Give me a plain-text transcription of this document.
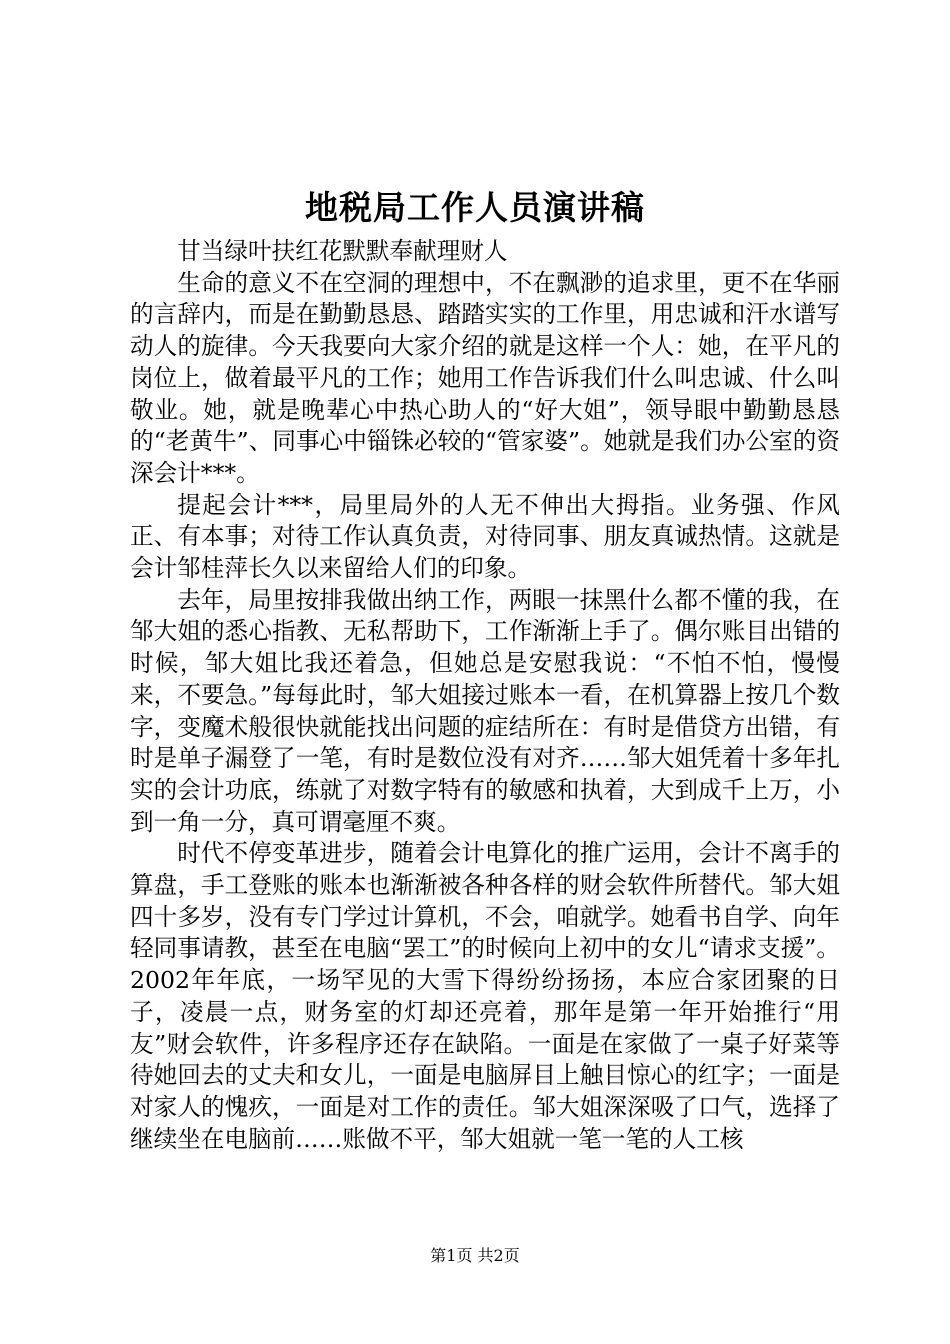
地税局工作人员演讲稿

甘当绿叶扶红花默默奉献理财人

生命的意义不在空洞的理想中，不在飘渺的追求里，更不在华丽的言辞内，而是在勤勤恳恳、踏踏实实的工作里，用忠诚和汗水谱写动人的旋律。今天我要向大家介绍的就是这样一个人：她，在平凡的岗位上，做着最平凡的工作；她用工作告诉我们什么叫忠诚、什么叫敬业。她，就是晚辈心中热心助人的“好大姐”，领导眼中勤勤恳恳的“老黄牛”、同事心中锱铢必较的“管家婆”。她就是我们办公室的资深会计***。

提起会计***，局里局外的人无不伸出大拇指。业务强、作风正、有本事；对待工作认真负责，对待同事、朋友真诚热情。这就是会计邹桂萍长久以来留给人们的印象。

去年，局里按排我做出纳工作，两眼一抹黑什么都不懂的我，在邹大姐的悉心指教、无私帮助下，工作渐渐上手了。偶尔账目出错的时候，邹大姐比我还着急，但她总是安慰我说：“不怕不怕，慢慢来，不要急。”每每此时，邹大姐接过账本一看，在机算器上按几个数字，变魔术般很快就能找出问题的症结所在：有时是借贷方出错，有时是单子漏登了一笔，有时是数位没有对齐……邹大姐凭着十多年扎实的会计功底，练就了对数字特有的敏感和执着，大到成千上万，小到一角一分，真可谓毫厘不爽。

时代不停变革进步，随着会计电算化的推广运用，会计不离手的算盘，手工登账的账本也渐渐被各种各样的财会软件所替代。邹大姐四十多岁，没有专门学过计算机，不会，咱就学。她看书自学、向年轻同事请教，甚至在电脑“罢工”的时候向上初中的女儿“请求支援”。2002年年底，一场罕见的大雪下得纷纷扬扬，本应合家团聚的日子，凌晨一点，财务室的灯却还亮着，那年是第一年开始推行“用友”财会软件，许多程序还存在缺陷。一面是在家做了一桌子好菜等待她回去的丈夫和女儿，一面是电脑屏目上触目惊心的红字；一面是对家人的愧疚，一面是对工作的责任。邹大姐深深吸了口气，选择了继续坐在电脑前……账做不平，邹大姐就一笔一笔的人工核

第1页 共2页
